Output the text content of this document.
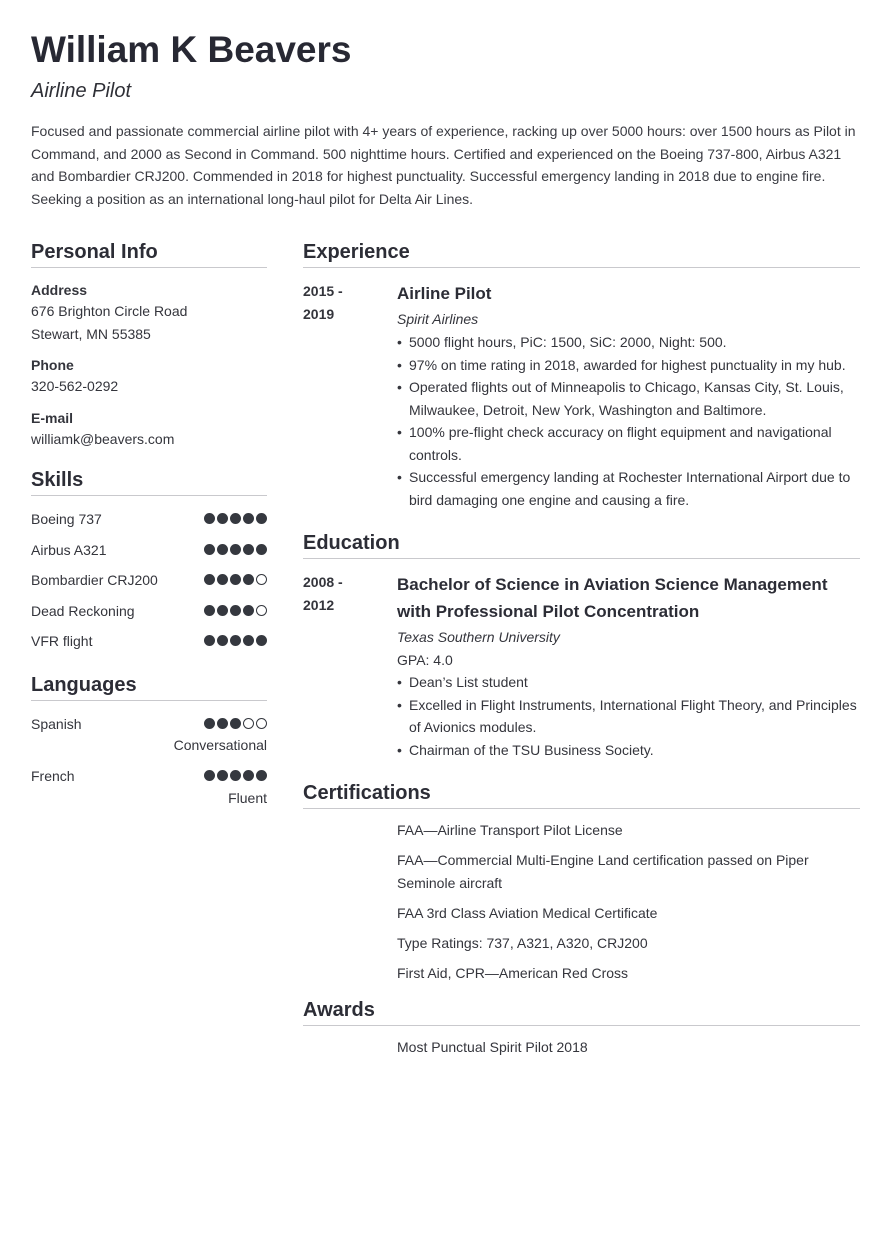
William K Beavers
Airline Pilot
Focused and passionate commercial airline pilot with 4+ years of experience, racking up over 5000 hours: over 1500 hours as Pilot in Command, and 2000 as Second in Command. 500 nighttime hours. Certified and experienced on the Boeing 737-800, Airbus A321 and Bombardier CRJ200. Commended in 2018 for highest punctuality. Successful emergency landing in 2018 due to engine fire. Seeking a position as an international long-haul pilot for Delta Air Lines.
Personal Info
Address
676 Brighton Circle Road
Stewart, MN 55385
Phone
320-562-0292
E-mail
williamk@beavers.com
Skills
Boeing 737
Airbus A321
Bombardier CRJ200
Dead Reckoning
VFR flight
Languages
Spanish
Conversational
French
Fluent
Experience
2015 -
2019
Airline Pilot
Spirit Airlines
• 5000 flight hours, PiC: 1500, SiC: 2000, Night: 500.
• 97% on time rating in 2018, awarded for highest punctuality in my hub.
• Operated flights out of Minneapolis to Chicago, Kansas City, St. Louis, Milwaukee, Detroit, New York, Washington and Baltimore.
• 100% pre-flight check accuracy on flight equipment and navigational controls.
• Successful emergency landing at Rochester International Airport due to bird damaging one engine and causing a fire.
Education
2008 -
2012
Bachelor of Science in Aviation Science Management with Professional Pilot Concentration
Texas Southern University
GPA: 4.0
• Dean’s List student
• Excelled in Flight Instruments, International Flight Theory, and Principles of Avionics modules.
• Chairman of the TSU Business Society.
Certifications
FAA—Airline Transport Pilot License
FAA—Commercial Multi-Engine Land certification passed on Piper Seminole aircraft
FAA 3rd Class Aviation Medical Certificate
Type Ratings: 737, A321, A320, CRJ200
First Aid, CPR—American Red Cross
Awards
Most Punctual Spirit Pilot 2018
